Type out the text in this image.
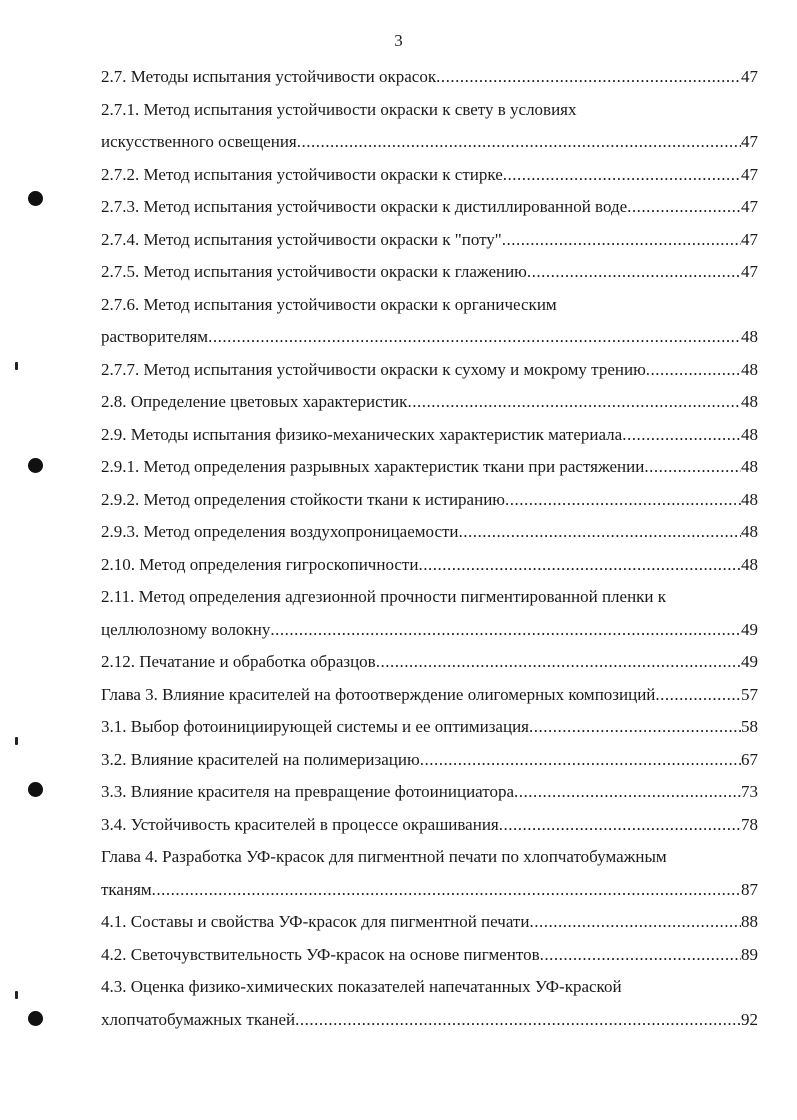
3
2.7. Методы испытания устойчивости окрасок .....	47
2.7.1. Метод испытания устойчивости окраски к свету в условиях
искусственного освещения .....	47
2.7.2. Метод испытания устойчивости окраски к стирке .....	47
2.7.3. Метод испытания устойчивости окраски к дистиллированной воде .....	47
2.7.4. Метод испытания устойчивости окраски к "поту" .....	47
2.7.5. Метод испытания устойчивости окраски к глажению .....	47
2.7.6. Метод испытания устойчивости окраски к органическим
растворителям .....	48
2.7.7. Метод испытания устойчивости окраски к сухому и мокрому трению .....	48
2.8. Определение цветовых характеристик .....	48
2.9. Методы испытания физико-механических характеристик материала .....	48
2.9.1. Метод определения разрывных характеристик ткани при растяжении .....	48
2.9.2. Метод определения стойкости ткани к истиранию .....	48
2.9.3. Метод определения воздухопроницаемости .....	48
2.10. Метод определения гигроскопичности .....	48
2.11. Метод определения адгезионной прочности пигментированной пленки к
целлюлозному волокну .....	49
2.12. Печатание и обработка образцов .....	49
Глава 3. Влияние красителей на фотоотверждение олигомерных композиций .....	57
3.1. Выбор фотоинициирующей системы и ее оптимизация .....	58
3.2. Влияние красителей на полимеризацию .....	67
3.3. Влияние красителя на превращение фотоинициатора .....	73
3.4. Устойчивость красителей в процессе окрашивания .....	78
Глава 4. Разработка УФ-красок для пигментной печати по хлопчатобумажным
тканям .....	87
4.1. Составы и свойства УФ-красок для пигментной печати .....	88
4.2. Светочувствительность УФ-красок на основе пигментов .....	89
4.3. Оценка физико-химических показателей напечатанных УФ-краской
хлопчатобумажных тканей .....	92
